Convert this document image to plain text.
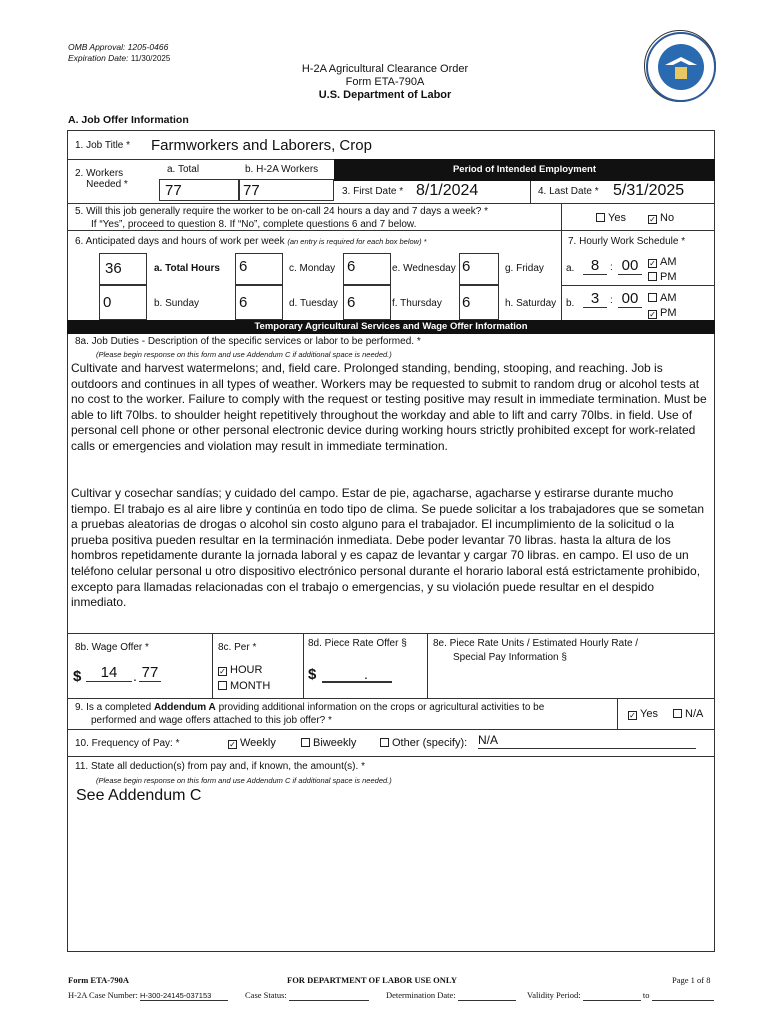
OMB Approval: 1205-0466
Expiration Date: 11/30/2025
H-2A Agricultural Clearance Order
Form ETA-790A
U.S. Department of Labor
A. Job Offer Information
1. Job Title * Farmworkers and Laborers, Crop
2. Workers
Needed *
a. Total	b. H-2A Workers
77	77
Period of Intended Employment
3. First Date * 8/1/2024	4. Last Date * 5/31/2025
5. Will this job generally require the worker to be on-call 24 hours a day and 7 days a week? *
If “Yes”, proceed to question 8. If “No”, complete questions 6 and 7 below.
Yes	✓ No
6. Anticipated days and hours of work per week (an entry is required for each box below) *	7. Hourly Work Schedule *
36	a. Total Hours 6	c. Monday 6	e. Wednesday 6	g. Friday
0	b. Sunday	6	d. Tuesday 6	f. Thursday 6	h. Saturday
a.	8	: 00	✓ AM
PM
b.	3	: 00	AM
✓ PM
Temporary Agricultural Services and Wage Offer Information
8a. Job Duties - Description of the specific services or labor to be performed. *
(Please begin response on this form and use Addendum C if additional space is needed.)
Cultivate and harvest watermelons; and, field care. Prolonged standing, bending, stooping, and reaching. Job is outdoors and continues in all types of weather. Workers may be requested to submit to random drug or alcohol tests at no cost to the worker. Failure to comply with the request or testing positive may result in immediate termination. Must be able to lift 70lbs. to shoulder height repetitively throughout the workday and able to lift and carry 70lbs. in field. Use of personal cell phone or other personal electronic device during working hours strictly prohibited except for work-related calls or emergencies and violation may result in immediate termination.
Cultivar y cosechar sandías; y cuidado del campo. Estar de pie, agacharse, agacharse y estirarse durante mucho tiempo. El trabajo es al aire libre y continúa en todo tipo de clima. Se puede solicitar a los trabajadores que se sometan a pruebas aleatorias de drogas o alcohol sin costo alguno para el trabajador. El incumplimiento de la solicitud o la prueba positiva pueden resultar en la terminación inmediata. Debe poder levantar 70 libras. hasta la altura de los hombros repetidamente durante la jornada laboral y es capaz de levantar y cargar 70 libras. en campo. El uso de un teléfono celular personal u otro dispositivo electrónico personal durante el horario laboral está estrictamente prohibido, excepto para llamadas relacionadas con el trabajo o emergencias, y su violación puede resultar en el despido inmediato.
8b. Wage Offer *
$	14	. 77
8c. Per *
✓ HOUR
MONTH
8d. Piece Rate Offer §
$	.
8e. Piece Rate Units / Estimated Hourly Rate /
Special Pay Information §
9. Is a completed Addendum A providing additional information on the crops or agricultural activities to be
performed and wage offers attached to this job offer? *	✓ Yes	N/A
10. Frequency of Pay: *	✓ Weekly	Biweekly	Other (specify): N/A
11. State all deduction(s) from pay and, if known, the amount(s). *
(Please begin response on this form and use Addendum C if additional space is needed.)
See Addendum C
Form ETA-790A	FOR DEPARTMENT OF LABOR USE ONLY	Page 1 of 8
H-2A Case Number: H-300-24145-037153	Case Status:	Determination Date:	Validity Period:	to
